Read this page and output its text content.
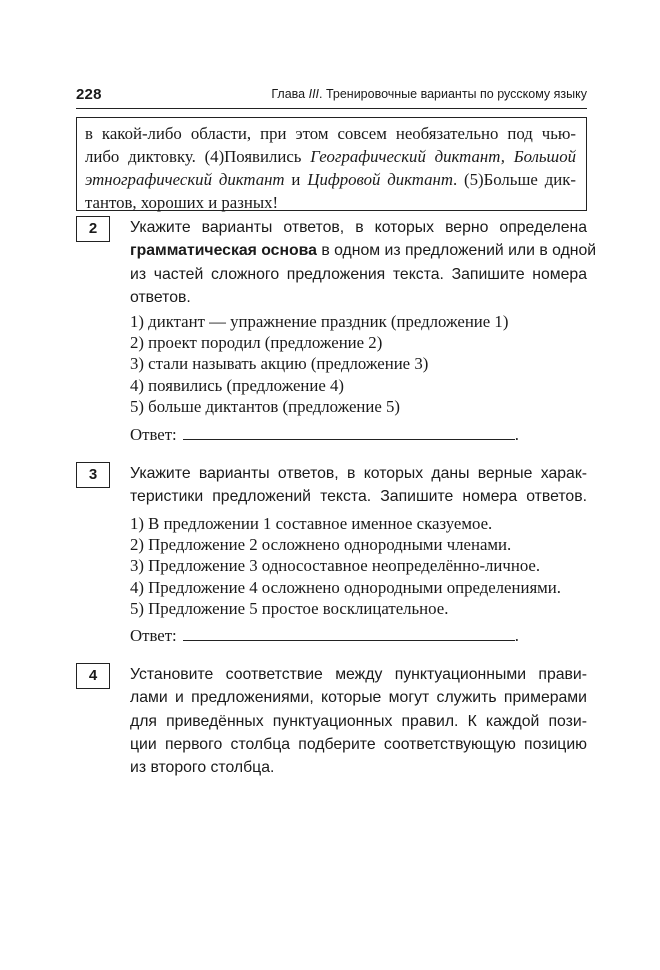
228	Глава III. Тренировочные варианты по русскому языку
в какой-либо области, при этом совсем необязательно под чью-
либо диктовку. (4)Появились Географический диктант, Большой
этнографический диктант и Цифровой диктант. (5)Больше дик-
тантов, хороших и разных!
2	Укажите варианты ответов, в которых верно определена
грамматическая основа в одном из предложений или в одной
из частей сложного предложения текста. Запишите номера
ответов.
1) диктант — упражнение праздник (предложение 1)
2) проект породил (предложение 2)
3) стали называть акцию (предложение 3)
4) появились (предложение 4)
5) больше диктантов (предложение 5)
Ответ:	.
3	Укажите варианты ответов, в которых даны верные харак-
теристики предложений текста. Запишите номера ответов.
1) В предложении 1 составное именное сказуемое.
2) Предложение 2 осложнено однородными членами.
3) Предложение 3 односоставное неопределённо-личное.
4) Предложение 4 осложнено однородными определениями.
5) Предложение 5 простое восклицательное.
Ответ:	.
4	Установите соответствие между пунктуационными прави-
лами и предложениями, которые могут служить примерами
для приведённых пунктуационных правил. К каждой пози-
ции первого столбца подберите соответствующую позицию
из второго столбца.
